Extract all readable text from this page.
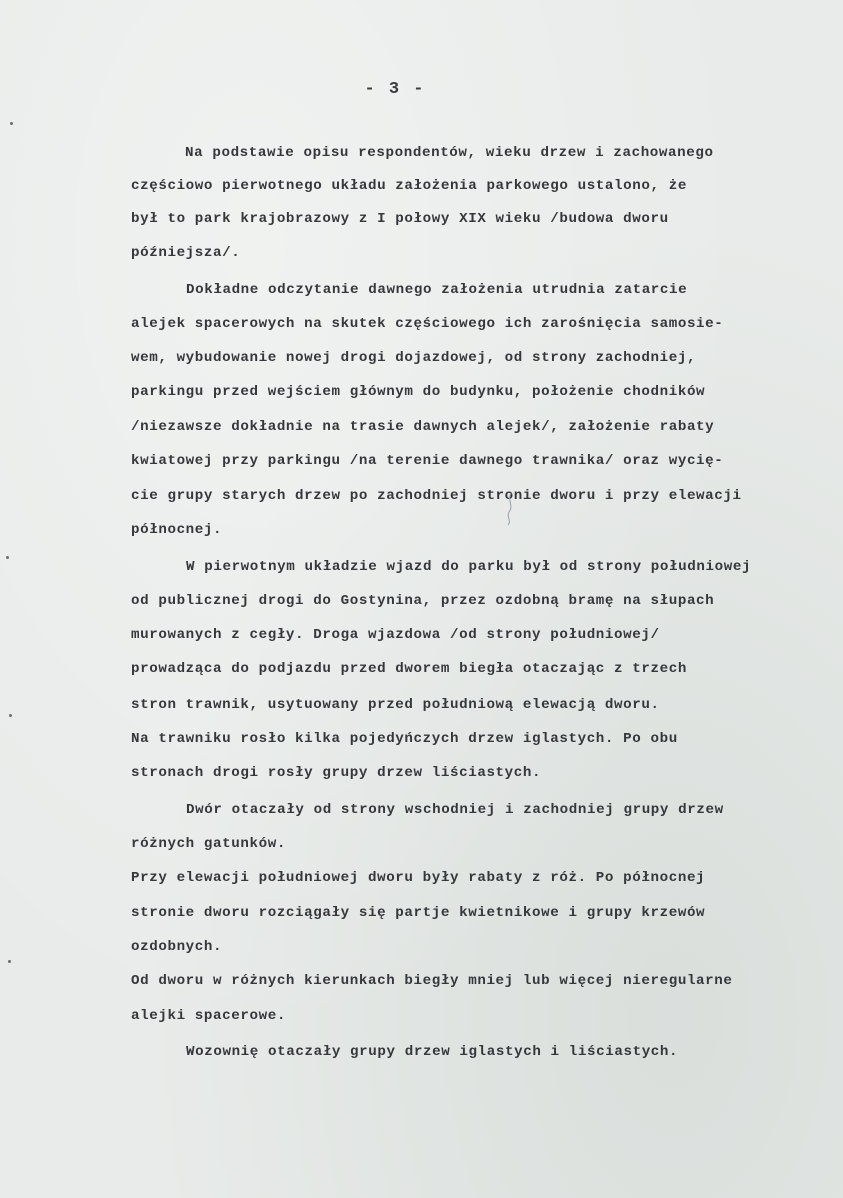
- 3 -
Na podstawie opisu respondentów, wieku drzew i zachowanego
częściowo pierwotnego układu założenia parkowego ustalono, że
był to park krajobrazowy z I połowy XIX wieku /budowa dworu
późniejsza/.
Dokładne odczytanie dawnego założenia utrudnia zatarcie
alejek spacerowych na skutek częściowego ich zarośnięcia samosie-
wem, wybudowanie nowej drogi dojazdowej, od strony zachodniej,
parkingu przed wejściem głównym do budynku, położenie chodników
/niezawsze dokładnie na trasie dawnych alejek/, założenie rabaty
kwiatowej przy parkingu /na terenie dawnego trawnika/ oraz wycię-
cie grupy starych drzew po zachodniej stronie dworu i przy elewacji
północnej.
W pierwotnym układzie wjazd do parku był od strony południowej
od publicznej drogi do Gostynina, przez ozdobną bramę na słupach
murowanych z cegły. Droga wjazdowa /od strony południowej/
prowadząca do podjazdu przed dworem biegła otaczając z trzech
stron trawnik, usytuowany przed południową elewacją dworu.
Na trawniku rosło kilka pojedyńczych drzew iglastych. Po obu
stronach drogi rosły grupy drzew liściastych.
Dwór otaczały od strony wschodniej i zachodniej grupy drzew
różnych gatunków.
Przy elewacji południowej dworu były rabaty z róż. Po północnej
stronie dworu rozciągały się partje kwietnikowe i grupy krzewów
ozdobnych.
Od dworu w różnych kierunkach biegły mniej lub więcej nieregularne
alejki spacerowe.
Wozownię otaczały grupy drzew iglastych i liściastych.
